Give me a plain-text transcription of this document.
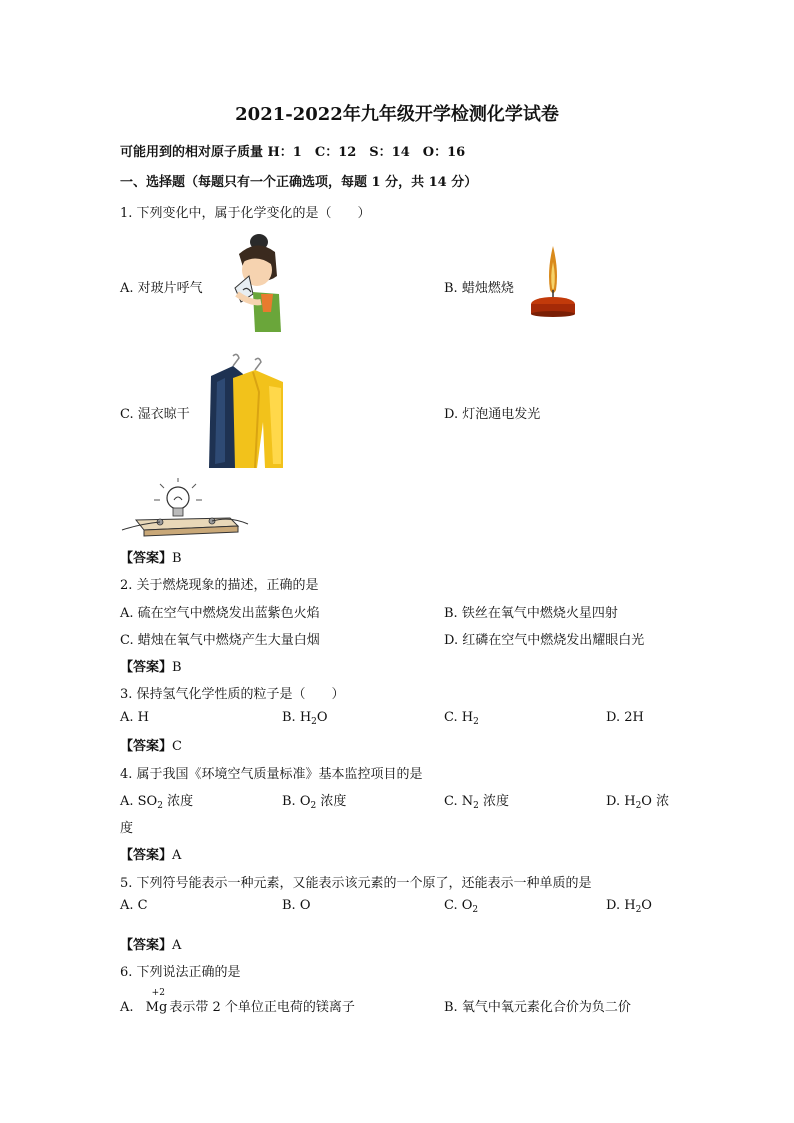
2021-2022年九年级开学检测化学试卷
可能用到的相对原子质量 H：1　C：12　S：14　O：16
一、选择题（每题只有一个正确选项，每题 1 分，共 14 分）
1. 下列变化中，属于化学变化的是（　　）
A. 对玻片呼气	B. 蜡烛燃烧
C. 湿衣晾干	D. 灯泡通电发光
【答案】B
2. 关于燃烧现象的描述，正确的是
A. 硫在空气中燃烧发出蓝紫色火焰	B. 铁丝在氧气中燃烧火星四射
C. 蜡烛在氧气中燃烧产生大量白烟	D. 红磷在空气中燃烧发出耀眼白光
【答案】B
3. 保持氢气化学性质的粒子是（　　）
A. H	B. $H_2O$	C. $H_2$	D. 2H
【答案】C
4. 属于我国《环境空气质量标准》基本监控项目的是
A. $SO_2$ 浓度	B. $O_2$ 浓度	C. $N_2$ 浓度	D. $H_2O$ 浓
度
【答案】A
5. 下列符号能表示一种元素，又能表示该元素的一个原了，还能表示一种单质的是
A. C	B. O	C. $O_2$	D. $H_2O$
【答案】A
6. 下列说法正确的是
A.
+2
Mg 表示带 2 个单位正电荷的镁离子	B. 氧气中氧元素化合价为负二价
